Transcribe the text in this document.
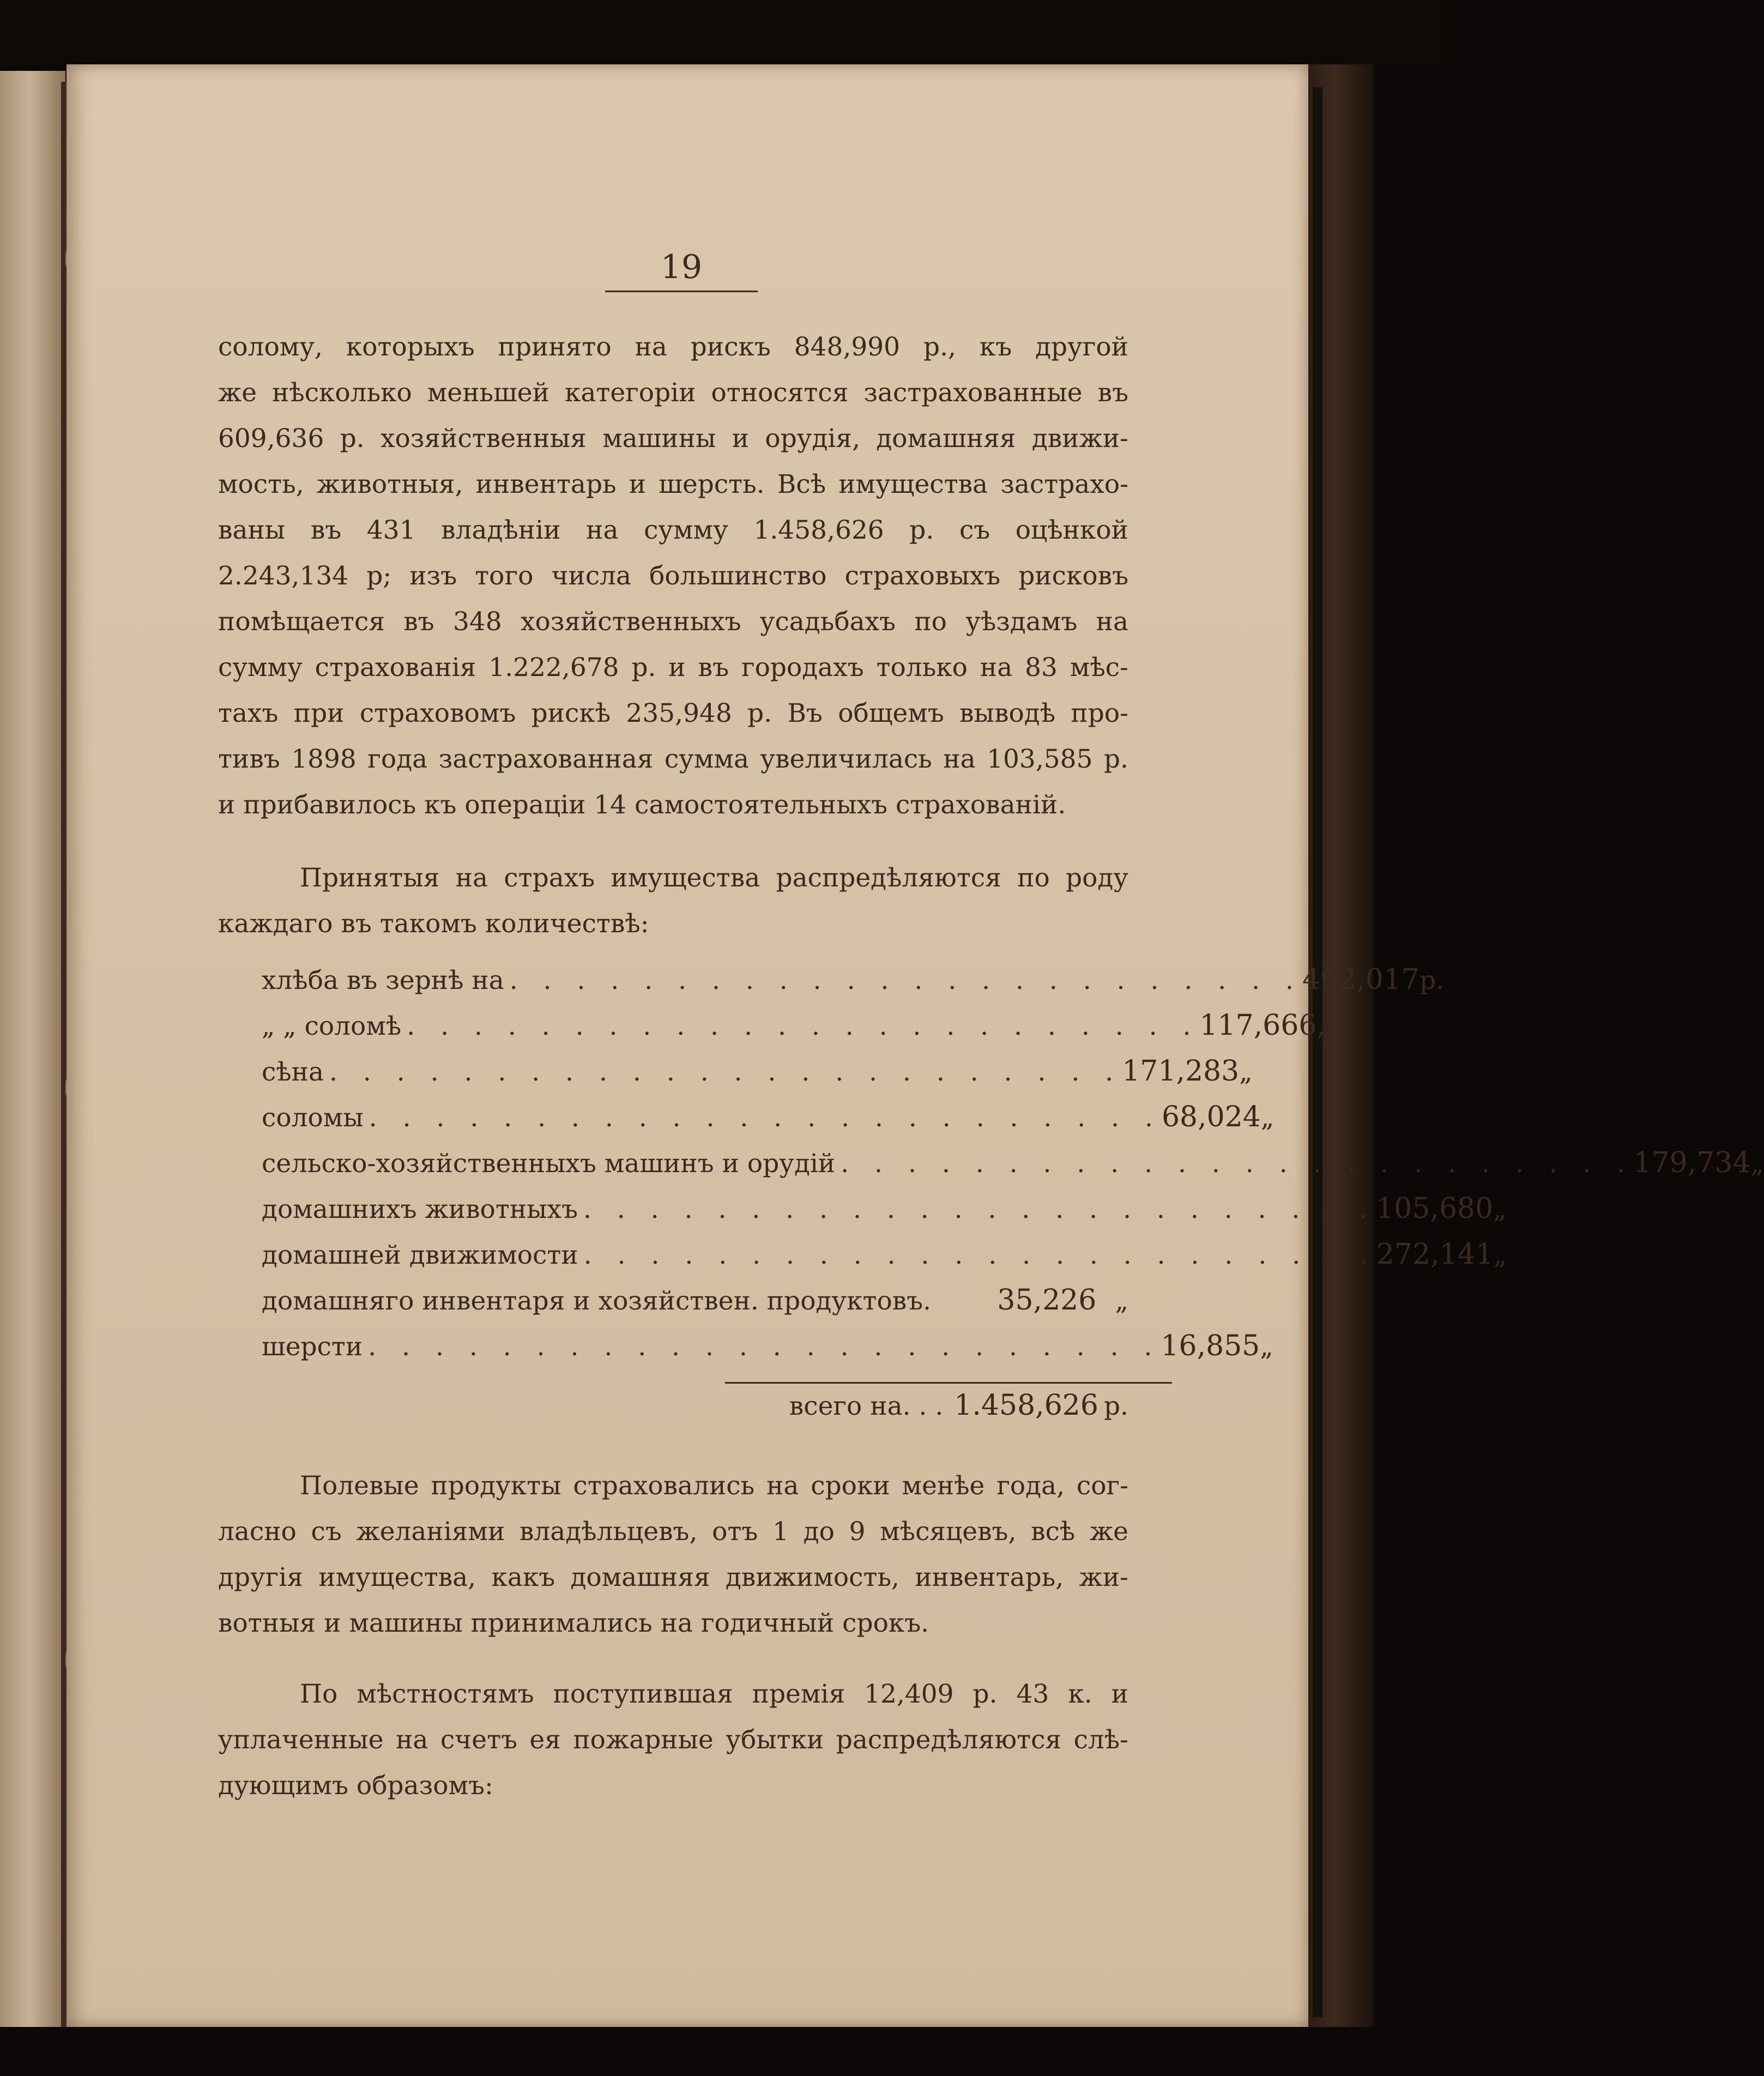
19

солому, которыхъ принято на рискъ 848,990 р., къ другой

же нѣсколько меньшей категоріи относятся застрахованные въ

609,636 р. хозяйственныя машины и орудія, домашняя движи-

мость, животныя, инвентарь и шерсть. Всѣ имущества застрахо-

ваны въ 431 владѣніи на сумму 1.458,626 р. съ оцѣнкой

2.243,134 р; изъ того числа большинство страховыхъ рисковъ

помѣщается въ 348 хозяйственныхъ усадьбахъ по уѣздамъ на

сумму страхованія 1.222,678 р. и въ городахъ только на 83 мѣс-

тахъ при страховомъ рискѣ 235,948 р. Въ общемъ выводѣ про-

тивъ 1898 года застрахованная сумма увеличилась на 103,585 р.

и прибавилось къ операціи 14 самостоятельныхъ страхованій.

Принятыя на страхъ имущества распредѣляются по роду

каждаго въ такомъ количествѣ:

хлѣба въ зернѣ на . . . . . . . . . . . . . . . . . . . . . . . . 492,017 р.
„ „ соломѣ . . . . . . . . . . . . . . . . . . . . . . . . 117,666 „
сѣна . . . . . . . . . . . . . . . . . . . . . . . . 171,283 „
соломы . . . . . . . . . . . . . . . . . . . . . . . . 68,024 „
сельско-хозяйственныхъ машинъ и орудій . . . . . . . . . . . . . . . . . . . . . . . . 179,734 „
домашнихъ животныхъ . . . . . . . . . . . . . . . . . . . . . . . . 105,680 „
домашней движимости . . . . . . . . . . . . . . . . . . . . . . . . 272,141 „
домашняго инвентаря и хозяйствен. продуктовъ.	35,226 „
шерсти . . . . . . . . . . . . . . . . . . . . . . . . 16,855 „
всего на. . . 1.458,626 р.

Полевые продукты страховались на сроки менѣе года, сог-

ласно съ желаніями владѣльцевъ, отъ 1 до 9 мѣсяцевъ, всѣ же

другія имущества, какъ домашняя движимость, инвентарь, жи-

вотныя и машины принимались на годичный срокъ.

По мѣстностямъ поступившая премія 12,409 р. 43 к. и

уплаченные на счетъ ея пожарные убытки распредѣляются слѣ-

дующимъ образомъ:
